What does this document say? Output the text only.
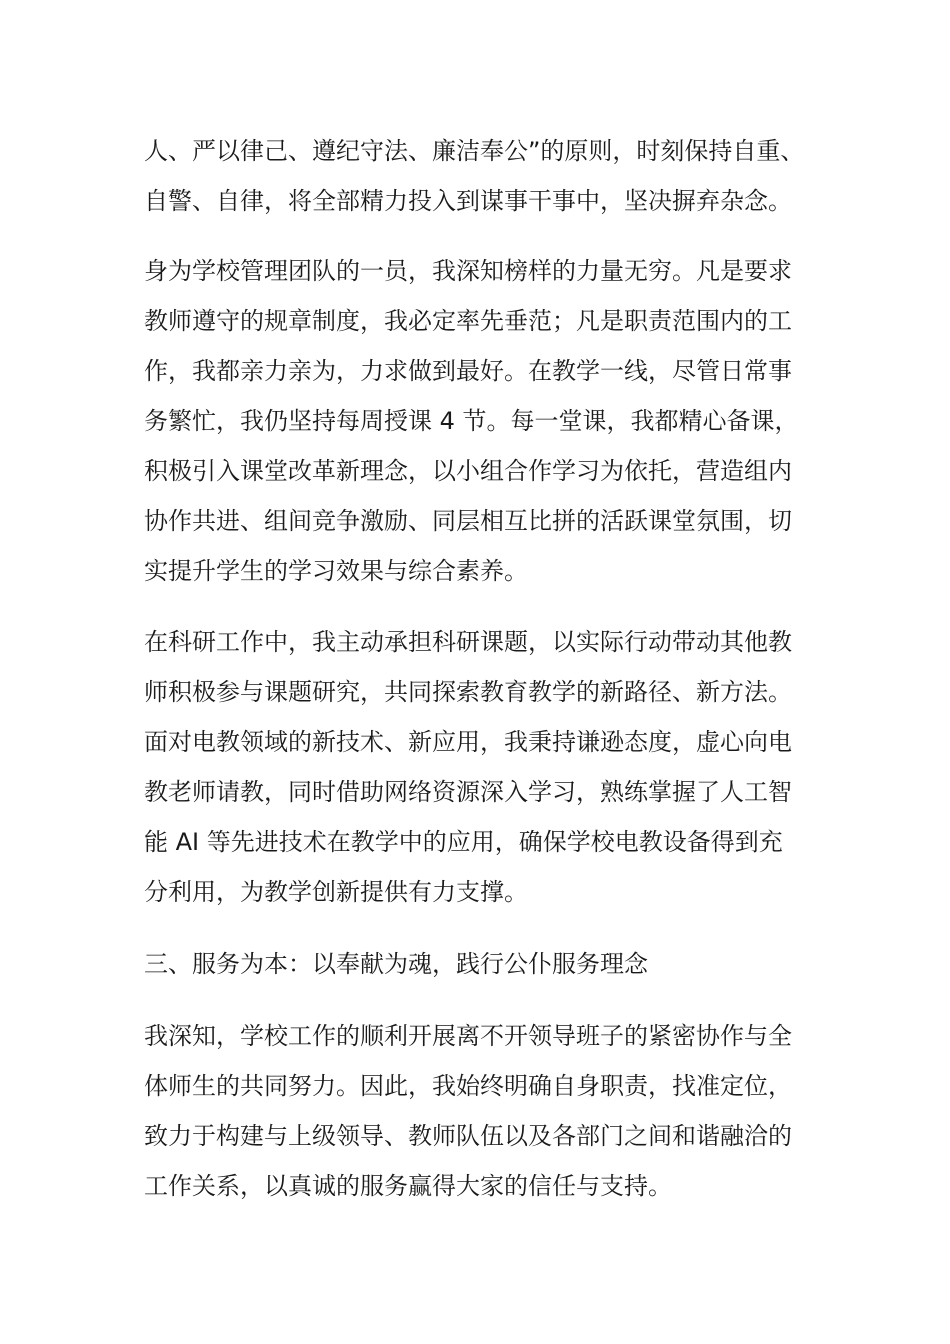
人、严以律己、遵纪守法、廉洁奉公”的原则，时刻保持自重、
自警、自律，将全部精力投入到谋事干事中，坚决摒弃杂念。
身为学校管理团队的一员，我深知榜样的力量无穷。凡是要求
教师遵守的规章制度，我必定率先垂范；凡是职责范围内的工
作，我都亲力亲为，力求做到最好。在教学一线，尽管日常事
务繁忙，我仍坚持每周授课 4 节。每一堂课，我都精心备课，
积极引入课堂改革新理念，以小组合作学习为依托，营造组内
协作共进、组间竞争激励、同层相互比拼的活跃课堂氛围，切
实提升学生的学习效果与综合素养。
在科研工作中，我主动承担科研课题，以实际行动带动其他教
师积极参与课题研究，共同探索教育教学的新路径、新方法。
面对电教领域的新技术、新应用，我秉持谦逊态度，虚心向电
教老师请教，同时借助网络资源深入学习，熟练掌握了人工智
能 AI 等先进技术在教学中的应用，确保学校电教设备得到充
分利用，为教学创新提供有力支撑。
三、服务为本：以奉献为魂，践行公仆服务理念
我深知，学校工作的顺利开展离不开领导班子的紧密协作与全
体师生的共同努力。因此，我始终明确自身职责，找准定位，
致力于构建与上级领导、教师队伍以及各部门之间和谐融洽的
工作关系，以真诚的服务赢得大家的信任与支持。
